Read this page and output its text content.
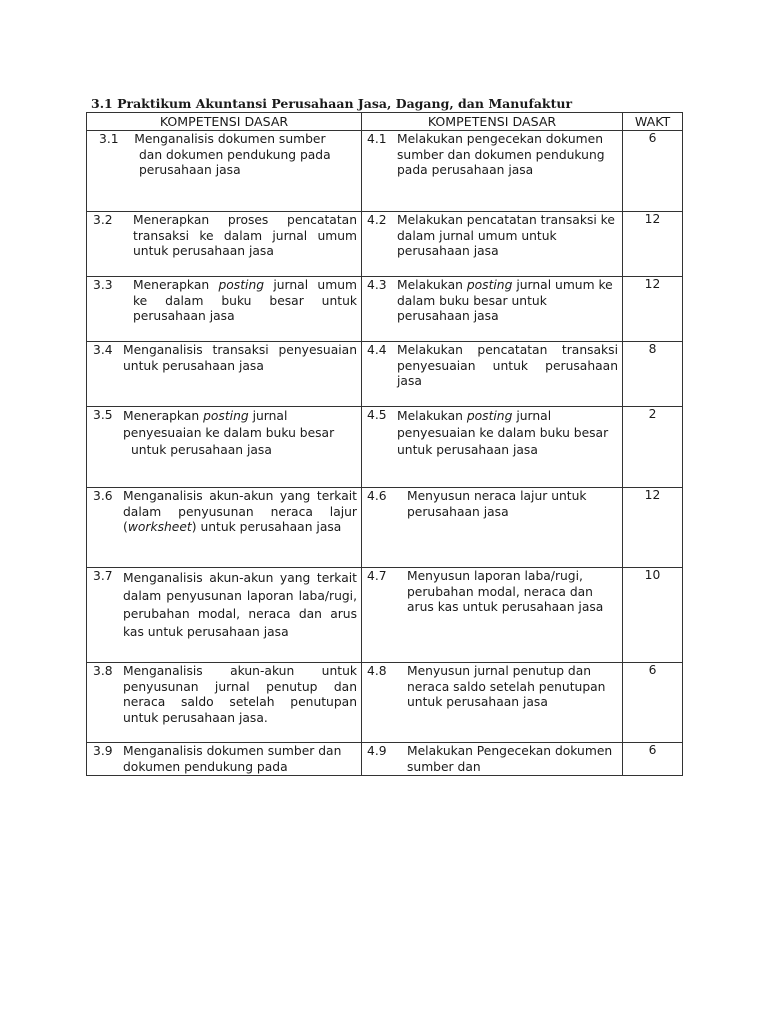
3.1 Praktikum Akuntansi Perusahaan Jasa, Dagang, dan Manufaktur
KOMPETENSI DASAR	KOMPETENSI DASAR	WAKT

3.1 Menganalisis dokumen sumber
dan dokumen pendukung pada perusahaan jasa	4.1 Melakukan pengecekan dokumen sumber dan dokumen pendukung pada perusahaan jasa	6

3.2 Menerapkan proses pencatatan transaksi ke dalam jurnal umum untuk perusahaan jasa	4.2 Melakukan pencatatan transaksi ke dalam jurnal umum untuk perusahaan jasa	12

3.3 Menerapkan posting jurnal umum ke dalam buku besar untuk perusahaan jasa	4.3 Melakukan posting jurnal umum ke dalam buku besar untuk perusahaan jasa	12

3.4 Menganalisis transaksi penyesuaian untuk perusahaan jasa	4.4 Melakukan pencatatan transaksi penyesuaian untuk perusahaan jasa	8

3.5 Menerapkan posting jurnal penyesuaian ke dalam buku besar
untuk perusahaan jasa	4.5 Melakukan posting jurnal penyesuaian ke dalam buku besar untuk perusahaan jasa	2

3.6 Menganalisis akun-akun yang terkait dalam penyusunan neraca lajur (worksheet) untuk perusahaan jasa	4.6 Menyusun neraca lajur untuk perusahaan jasa	12

3.7 Menganalisis akun-akun yang terkait dalam penyusunan laporan laba/rugi, perubahan modal, neraca dan arus kas untuk perusahaan jasa	4.7 Menyusun laporan laba/rugi, perubahan modal, neraca dan arus kas untuk perusahaan jasa	10

3.8 Menganalisis akun-akun untuk penyusunan jurnal penutup dan neraca saldo setelah penutupan untuk perusahaan jasa.	4.8 Menyusun jurnal penutup dan neraca saldo setelah penutupan untuk perusahaan jasa	6

3.9 Menganalisis dokumen sumber dan dokumen pendukung pada	4.9 Melakukan Pengecekan dokumen sumber dan	6
